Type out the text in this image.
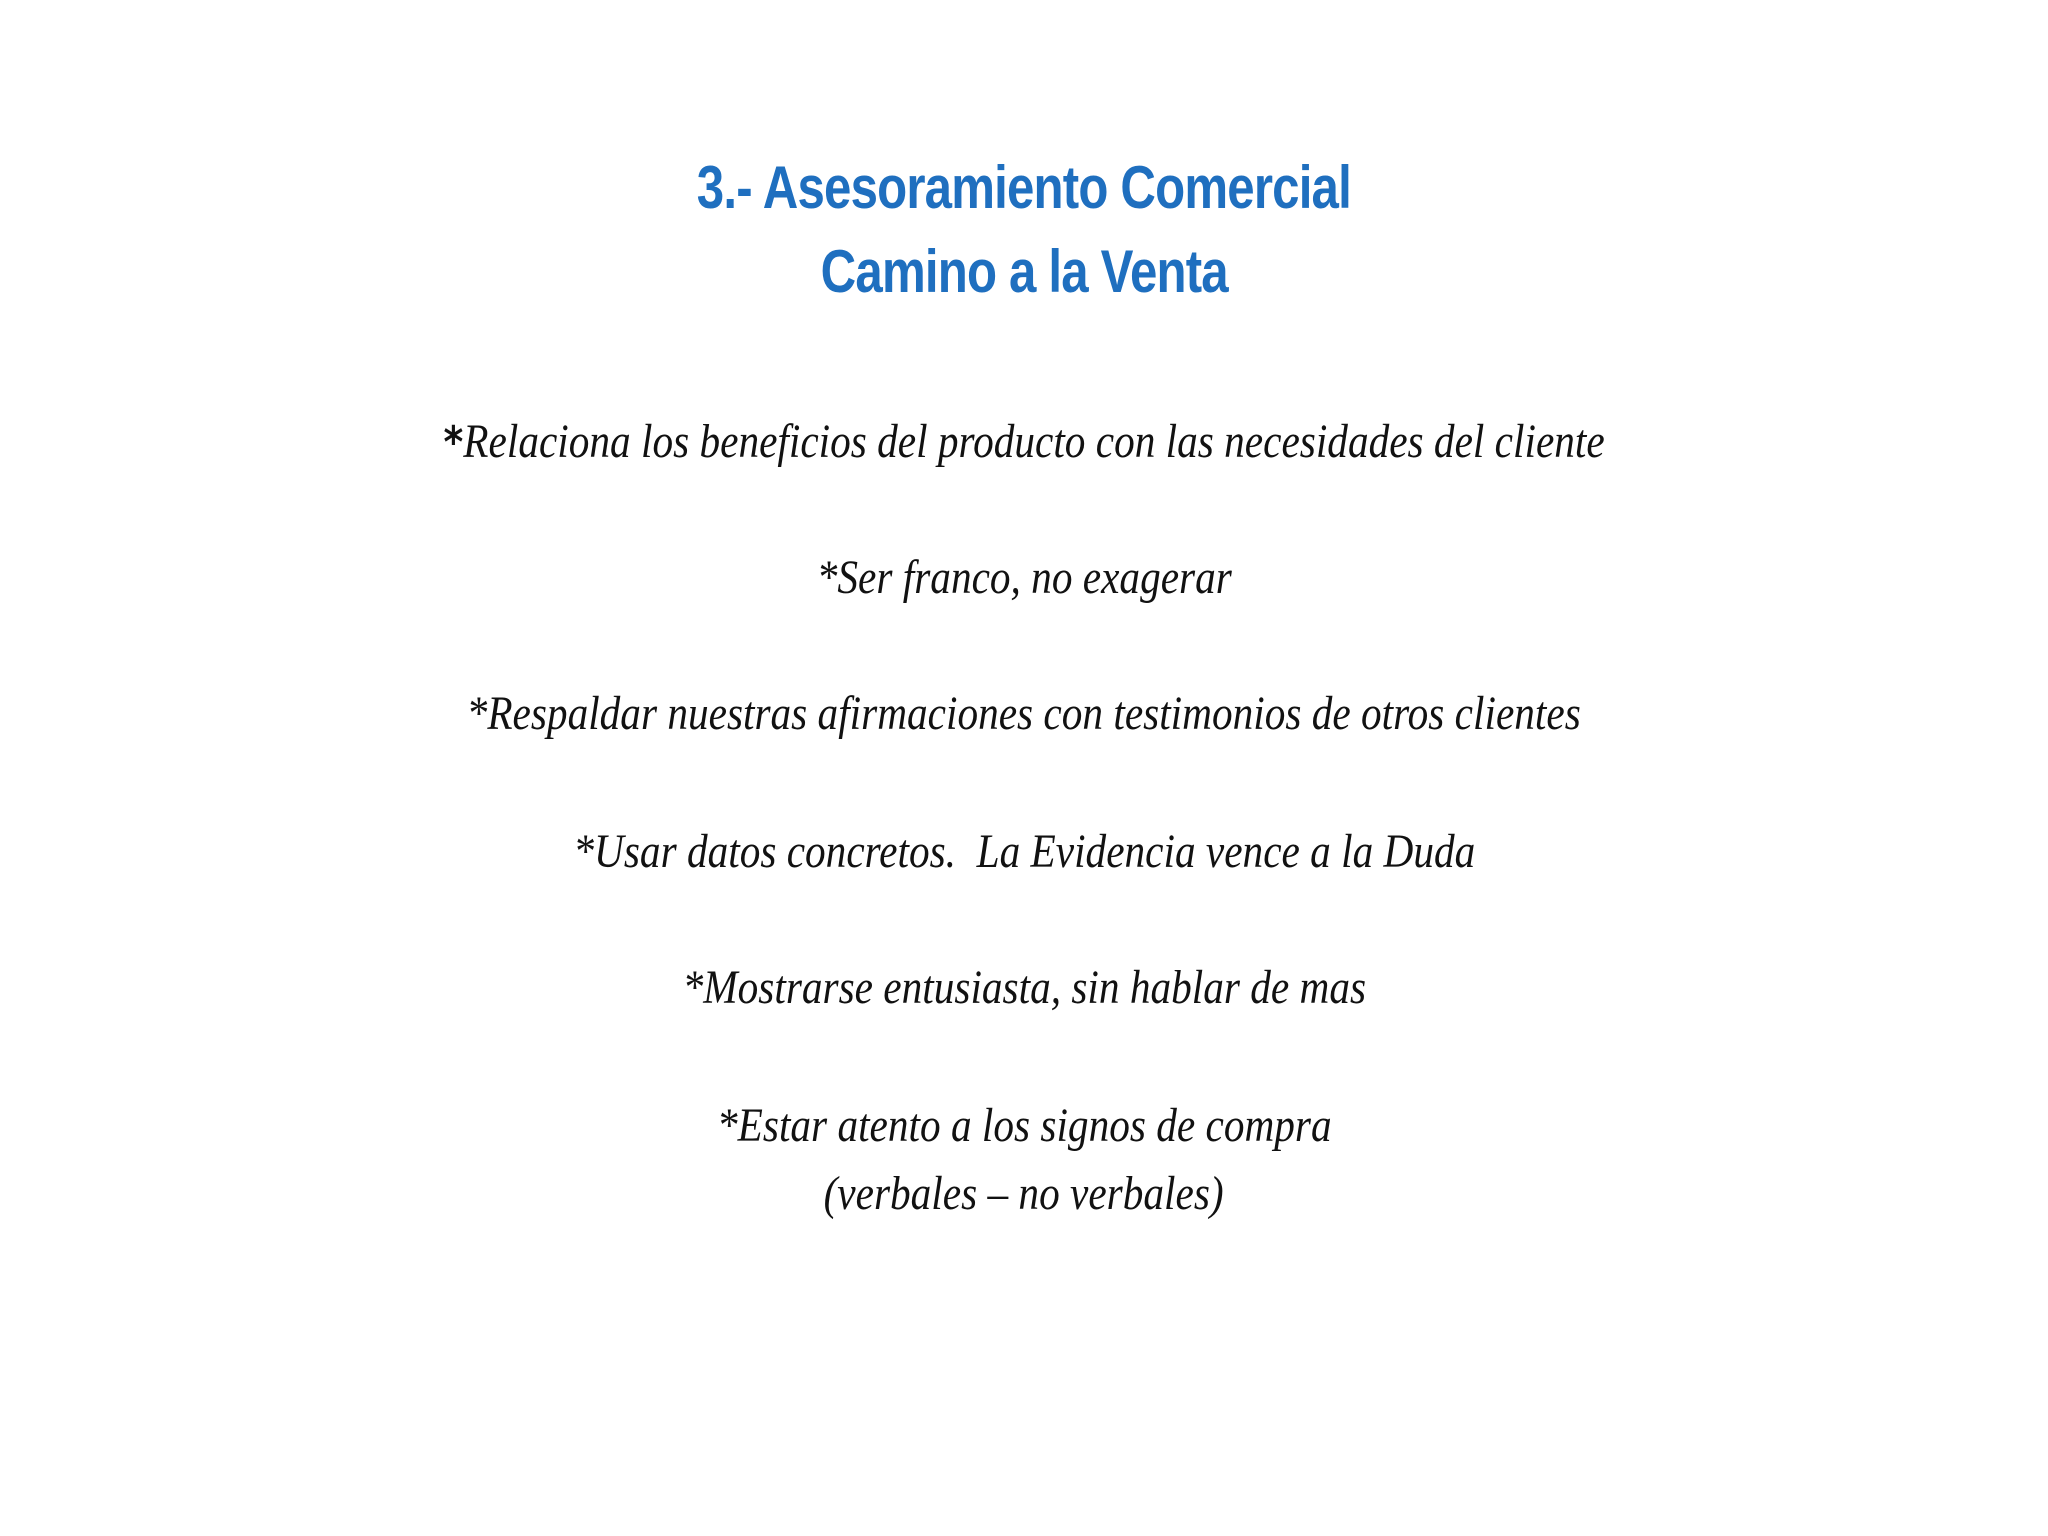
3.- Asesoramiento Comercial
Camino a la Venta
*Relaciona los beneficios del producto con las necesidades del cliente
*Ser franco, no exagerar
*Respaldar nuestras afirmaciones con testimonios de otros clientes
*Usar datos concretos.  La Evidencia vence a la Duda
*Mostrarse entusiasta, sin hablar de mas
*Estar atento a los signos de compra
(verbales – no verbales)
